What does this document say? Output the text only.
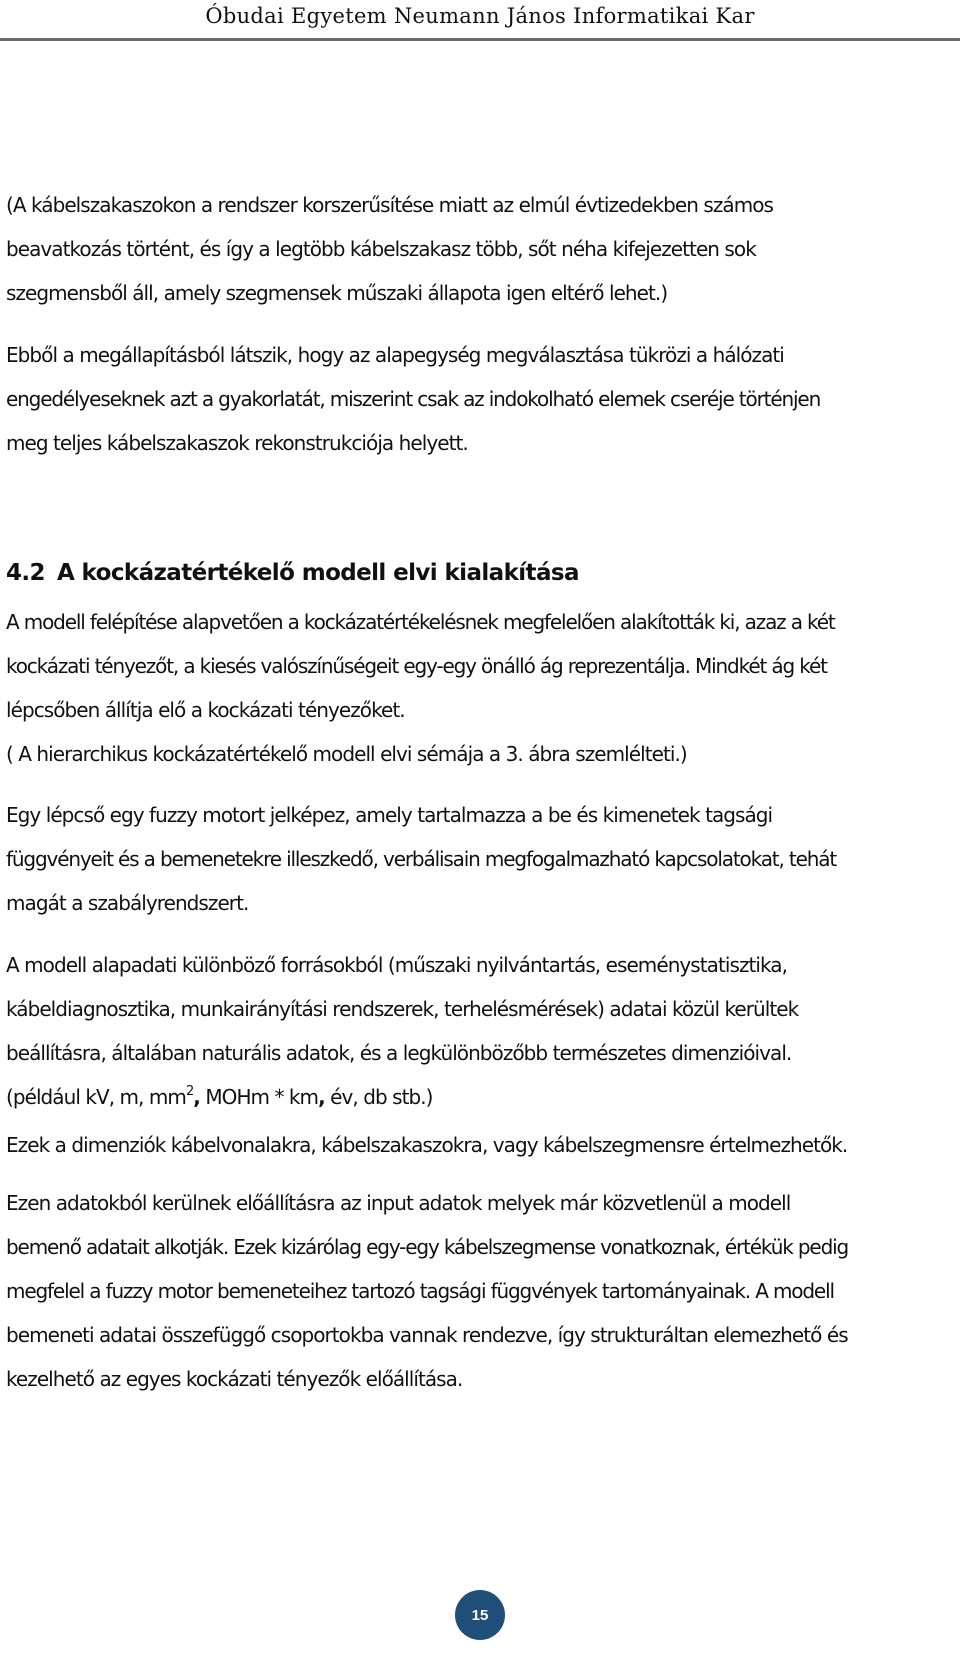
Óbudai Egyetem Neumann János Informatikai Kar

(A kábelszakaszokon a rendszer korszerűsítése miatt az elmúl évtizedekben számos

beavatkozás történt, és így a legtöbb kábelszakasz több, sőt néha kifejezetten sok

szegmensből áll, amely szegmensek műszaki állapota igen eltérő lehet.)

Ebből a megállapításból látszik, hogy az alapegység megválasztása tükrözi a hálózati

engedélyeseknek azt a gyakorlatát, miszerint csak az indokolható elemek cseréje történjen

meg teljes kábelszakaszok rekonstrukciója helyett.

4.2 A kockázatértékelő modell elvi kialakítása

A modell felépítése alapvetően a kockázatértékelésnek megfelelően alakították ki, azaz a két

kockázati tényezőt, a kiesés valószínűségeit egy-egy önálló ág reprezentálja. Mindkét ág két

lépcsőben állítja elő a kockázati tényezőket.

( A hierarchikus kockázatértékelő modell elvi sémája a 3. ábra szemlélteti.)

Egy lépcső egy fuzzy motort jelképez, amely tartalmazza a be és kimenetek tagsági

függvényeit és a bemenetekre illeszkedő, verbálisain megfogalmazható kapcsolatokat, tehát

magát a szabályrendszert.

A modell alapadati különböző forrásokból (műszaki nyilvántartás, eseménystatisztika,

kábeldiagnosztika, munkairányítási rendszerek, terhelésmérések) adatai közül kerültek

beállításra, általában naturális adatok, és a legkülönbözőbb természetes dimenzióival.

(például kV, m, $mm^2$, MOHm * km, év, db stb.)

Ezek a dimenziók kábelvonalakra, kábelszakaszokra, vagy kábelszegmensre értelmezhetők.

Ezen adatokból kerülnek előállításra az input adatok melyek már közvetlenül a modell

bemenő adatait alkotják. Ezek kizárólag egy-egy kábelszegmense vonatkoznak, értékük pedig

megfelel a fuzzy motor bemeneteihez tartozó tagsági függvények tartományainak. A modell

bemeneti adatai összefüggő csoportokba vannak rendezve, így strukturáltan elemezhető és

kezelhető az egyes kockázati tényezők előállítása.

15
